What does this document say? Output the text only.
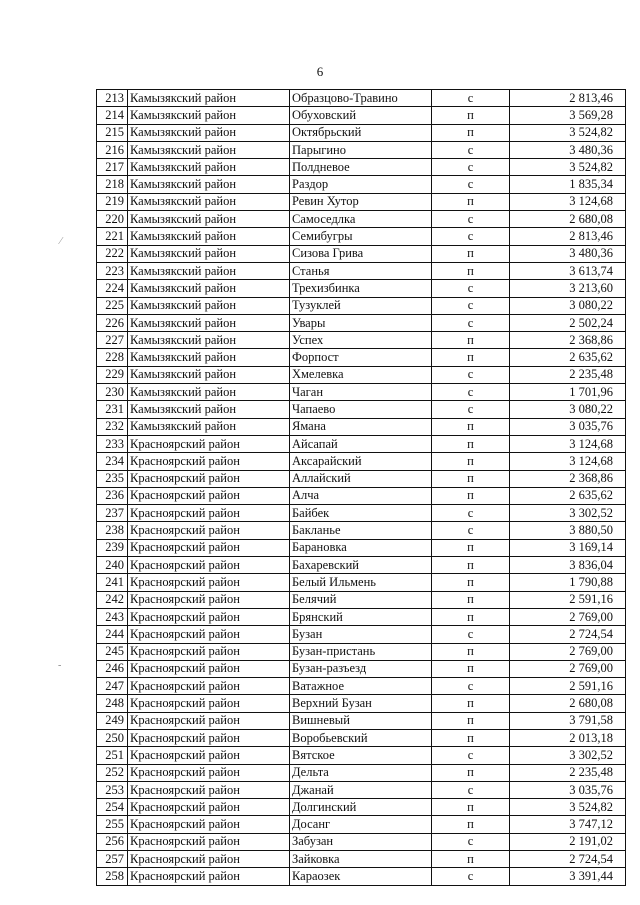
6
⁄
-
213	Камызякский район	Образцово-Травино	с	2 813,46
214	Камызякский район	Обуховский	п	3 569,28
215	Камызякский район	Октябрьский	п	3 524,82
216	Камызякский район	Парыгино	с	3 480,36
217	Камызякский район	Полдневое	с	3 524,82
218	Камызякский район	Раздор	с	1 835,34
219	Камызякский район	Ревин Хутор	п	3 124,68
220	Камызякский район	Самоседлка	с	2 680,08
221	Камызякский район	Семибугры	с	2 813,46
222	Камызякский район	Сизова Грива	п	3 480,36
223	Камызякский район	Станья	п	3 613,74
224	Камызякский район	Трехизбинка	с	3 213,60
225	Камызякский район	Тузуклей	с	3 080,22
226	Камызякский район	Увары	с	2 502,24
227	Камызякский район	Успех	п	2 368,86
228	Камызякский район	Форпост	п	2 635,62
229	Камызякский район	Хмелевка	с	2 235,48
230	Камызякский район	Чаган	с	1 701,96
231	Камызякский район	Чапаево	с	3 080,22
232	Камызякский район	Ямана	п	3 035,76
233	Красноярский район	Айсапай	п	3 124,68
234	Красноярский район	Аксарайский	п	3 124,68
235	Красноярский район	Аллайский	п	2 368,86
236	Красноярский район	Алча	п	2 635,62
237	Красноярский район	Байбек	с	3 302,52
238	Красноярский район	Бакланье	с	3 880,50
239	Красноярский район	Барановка	п	3 169,14
240	Красноярский район	Бахаревский	п	3 836,04
241	Красноярский район	Белый Ильмень	п	1 790,88
242	Красноярский район	Белячий	п	2 591,16
243	Красноярский район	Брянский	п	2 769,00
244	Красноярский район	Бузан	с	2 724,54
245	Красноярский район	Бузан-пристань	п	2 769,00
246	Красноярский район	Бузан-разъезд	п	2 769,00
247	Красноярский район	Ватажное	с	2 591,16
248	Красноярский район	Верхний Бузан	п	2 680,08
249	Красноярский район	Вишневый	п	3 791,58
250	Красноярский район	Воробьевский	п	2 013,18
251	Красноярский район	Вятское	с	3 302,52
252	Красноярский район	Дельта	п	2 235,48
253	Красноярский район	Джанай	с	3 035,76
254	Красноярский район	Долгинский	п	3 524,82
255	Красноярский район	Досанг	п	3 747,12
256	Красноярский район	Забузан	с	2 191,02
257	Красноярский район	Зайковка	п	2 724,54
258	Красноярский район	Караозек	с	3 391,44
